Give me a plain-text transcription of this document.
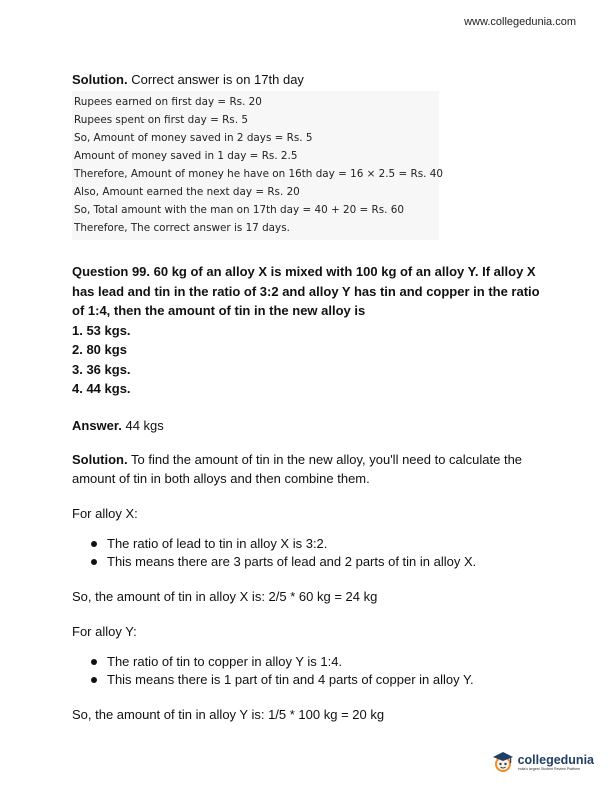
www.collegedunia.com
Solution. Correct answer is on 17th day
Rupees earned on first day = Rs. 20
Rupees spent on first day = Rs. 5
So, Amount of money saved in 2 days = Rs. 5
Amount of money saved in 1 day = Rs. 2.5
Therefore, Amount of money he have on 16th day = 16 × 2.5 = Rs. 40
Also, Amount earned the next day = Rs. 20
So, Total amount with the man on 17th day = 40 + 20 = Rs. 60
Therefore, The correct answer is 17 days.
Question 99. 60 kg of an alloy X is mixed with 100 kg of an alloy Y. If alloy X has lead and tin in the ratio of 3:2 and alloy Y has tin and copper in the ratio of 1:4, then the amount of tin in the new alloy is
1. 53 kgs.
2. 80 kgs
3. 36 kgs.
4. 44 kgs.
Answer. 44 kgs
Solution. To find the amount of tin in the new alloy, you'll need to calculate the amount of tin in both alloys and then combine them.
For alloy X:
The ratio of lead to tin in alloy X is 3:2.
This means there are 3 parts of lead and 2 parts of tin in alloy X.
So, the amount of tin in alloy X is: 2/5 * 60 kg = 24 kg
For alloy Y:
The ratio of tin to copper in alloy Y is 1:4.
This means there is 1 part of tin and 4 parts of copper in alloy Y.
So, the amount of tin in alloy Y is: 1/5 * 100 kg = 20 kg
collegedunia
India's largest Student Review Platform
